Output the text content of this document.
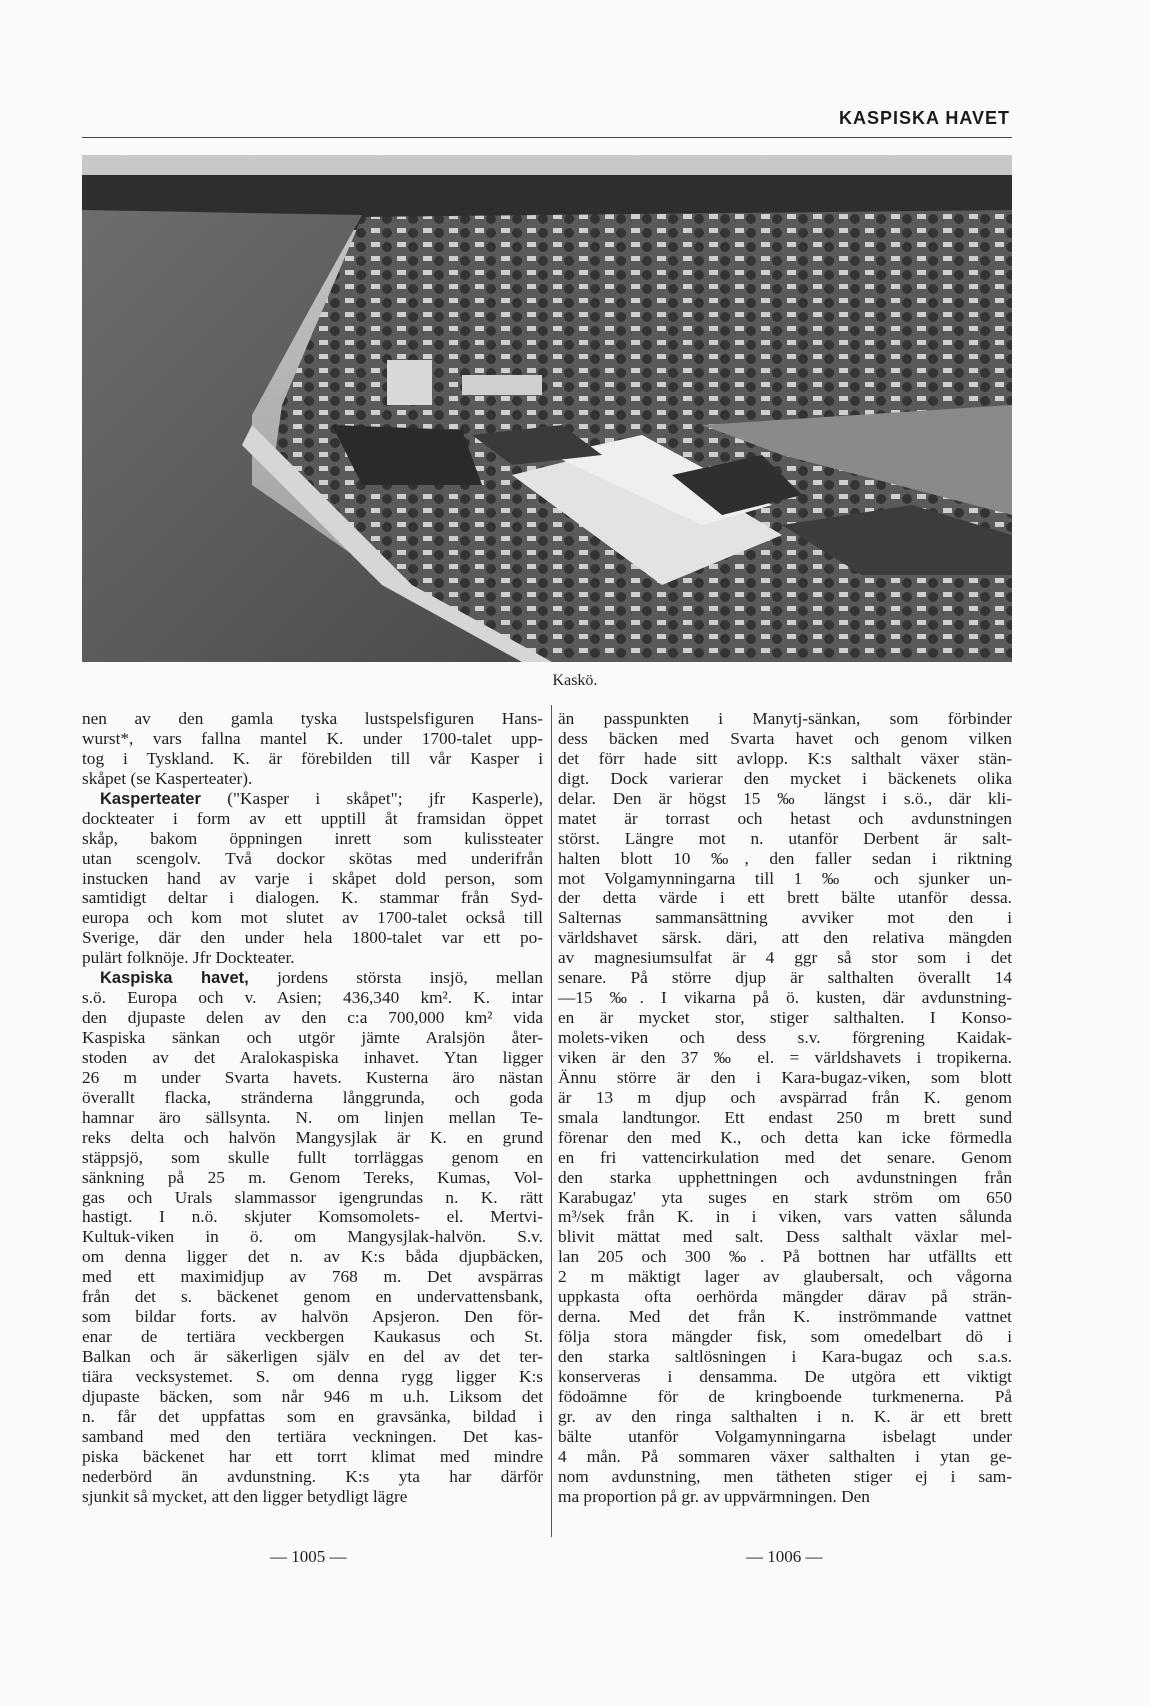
KASPISKA HAVET
Kaskö.
nen av den gamla tyska lustspelsfiguren Hans-
wurst*, vars fallna mantel K. under 1700-talet upp-
tog i Tyskland. K. är förebilden till vår Kasper i
skåpet (se Kasperteater).
Kasperteater ("Kasper i skåpet"; jfr Kasperle),
dockteater i form av ett upptill åt framsidan öppet
skåp, bakom öppningen inrett som kulissteater
utan scengolv. Två dockor skötas med underifrån
instucken hand av varje i skåpet dold person, som
samtidigt deltar i dialogen. K. stammar från Syd-
europa och kom mot slutet av 1700-talet också till
Sverige, där den under hela 1800-talet var ett po-
pulärt folknöje. Jfr Dockteater.
Kaspiska havet, jordens största insjö, mellan
s.ö. Europa och v. Asien; 436,340 km². K. intar
den djupaste delen av den c:a 700,000 km² vida
Kaspiska sänkan och utgör jämte Aralsjön åter-
stoden av det Aralokaspiska inhavet. Ytan ligger
26 m under Svarta havets. Kusterna äro nästan
överallt flacka, stränderna långgrunda, och goda
hamnar äro sällsynta. N. om linjen mellan Te-
reks delta och halvön Mangysjlak är K. en grund
stäppsjö, som skulle fullt torrläggas genom en
sänkning på 25 m. Genom Tereks, Kumas, Vol-
gas och Urals slammassor igengrundas n. K. rätt
hastigt. I n.ö. skjuter Komsomolets- el. Mertvi-
Kultuk-viken in ö. om Mangysjlak-halvön. S.v.
om denna ligger det n. av K:s båda djupbäcken,
med ett maximidjup av 768 m. Det avspärras
från det s. bäckenet genom en undervattensbank,
som bildar forts. av halvön Apsjeron. Den för-
enar de tertiära veckbergen Kaukasus och St.
Balkan och är säkerligen själv en del av det ter-
tiära vecksystemet. S. om denna rygg ligger K:s
djupaste bäcken, som når 946 m u.h. Liksom det
n. får det uppfattas som en gravsänka, bildad i
samband med den tertiära veckningen. Det kas-
piska bäckenet har ett torrt klimat med mindre
nederbörd än avdunstning. K:s yta har därför
sjunkit så mycket, att den ligger betydligt lägre
än passpunkten i Manytj-sänkan, som förbinder
dess bäcken med Svarta havet och genom vilken
det förr hade sitt avlopp. K:s salthalt växer stän-
digt. Dock varierar den mycket i bäckenets olika
delar. Den är högst 15 ‰ längst i s.ö., där kli-
matet är torrast och hetast och avdunstningen
störst. Längre mot n. utanför Derbent är salt-
halten blott 10 ‰, den faller sedan i riktning
mot Volgamynningarna till 1 ‰ och sjunker un-
der detta värde i ett brett bälte utanför dessa.
Salternas sammansättning avviker mot den i
världshavet särsk. däri, att den relativa mängden
av magnesiumsulfat är 4 ggr så stor som i det
senare. På större djup är salthalten överallt 14
—15 ‰. I vikarna på ö. kusten, där avdunstning-
en är mycket stor, stiger salthalten. I Konso-
molets-viken och dess s.v. förgrening Kaidak-
viken är den 37 ‰ el. = världshavets i tropikerna.
Ännu större är den i Kara-bugaz-viken, som blott
är 13 m djup och avspärrad från K. genom
smala landtungor. Ett endast 250 m brett sund
förenar den med K., och detta kan icke förmedla
en fri vattencirkulation med det senare. Genom
den starka upphettningen och avdunstningen från
Karabugaz' yta suges en stark ström om 650
m³/sek från K. in i viken, vars vatten sålunda
blivit mättat med salt. Dess salthalt växlar mel-
lan 205 och 300 ‰. På bottnen har utfällts ett
2 m mäktigt lager av glaubersalt, och vågorna
uppkasta ofta oerhörda mängder därav på strän-
derna. Med det från K. inströmmande vattnet
följa stora mängder fisk, som omedelbart dö i
den starka saltlösningen i Kara-bugaz och s.a.s.
konserveras i densamma. De utgöra ett viktigt
födoämne för de kringboende turkmenerna. På
gr. av den ringa salthalten i n. K. är ett brett
bälte utanför Volgamynningarna isbelagt under
4 mån. På sommaren växer salthalten i ytan ge-
nom avdunstning, men tätheten stiger ej i sam-
ma proportion på gr. av uppvärmningen. Den
— 1005 —	— 1006 —
